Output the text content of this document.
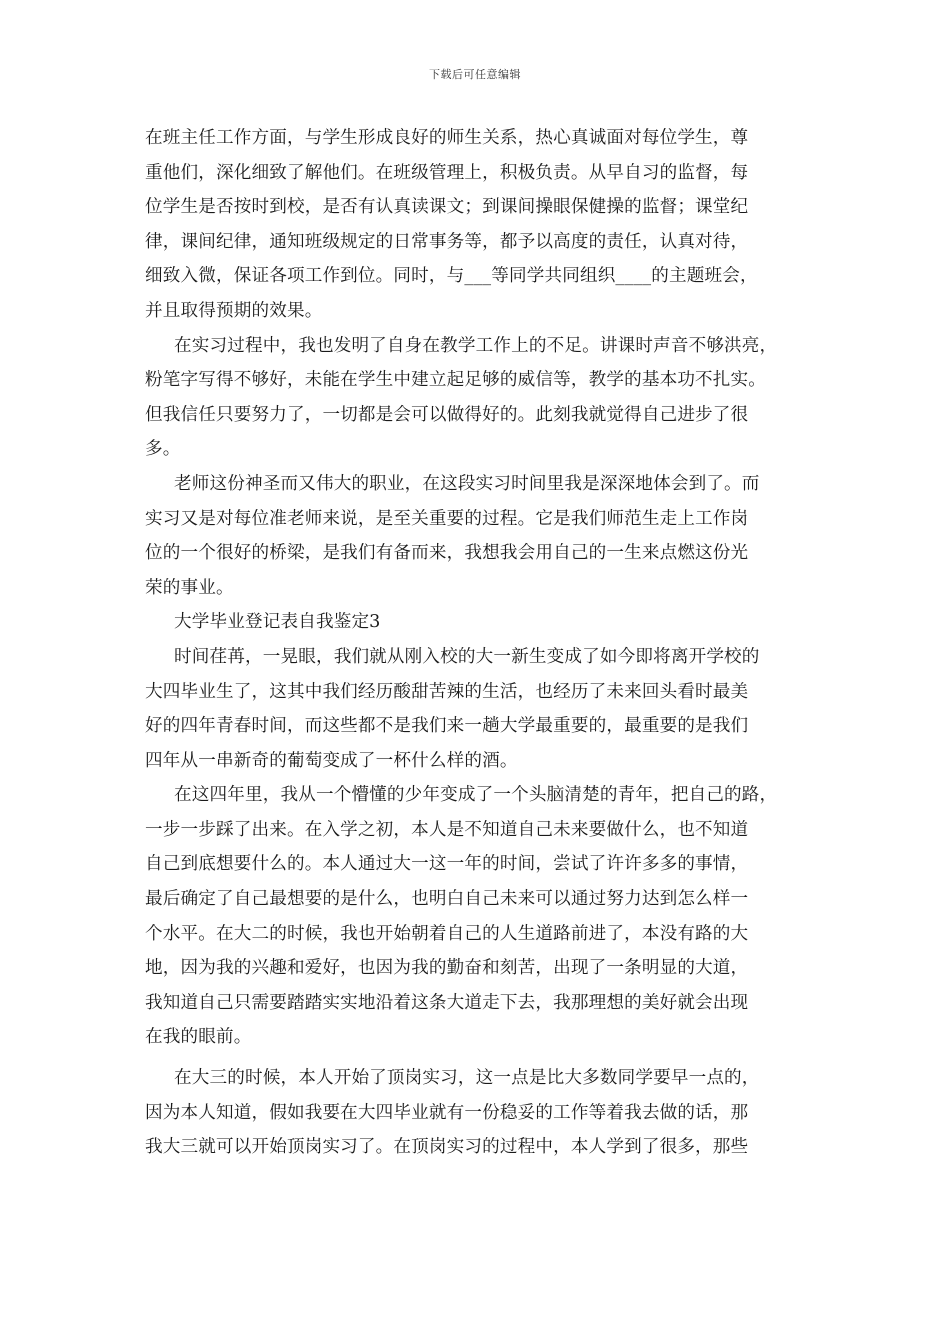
下载后可任意编辑
在班主任工作方面，与学生形成良好的师生关系，热心真诚面对每位学生，尊
重他们，深化细致了解他们。在班级管理上，积极负责。从早自习的监督，每
位学生是否按时到校，是否有认真读课文；到课间操眼保健操的监督；课堂纪
律，课间纪律，通知班级规定的日常事务等，都予以高度的责任，认真对待，
细致入微，保证各项工作到位。同时，与___等同学共同组织____的主题班会，
并且取得预期的效果。
在实习过程中，我也发明了自身在教学工作上的不足。讲课时声音不够洪亮，
粉笔字写得不够好，未能在学生中建立起足够的威信等，教学的基本功不扎实。
但我信任只要努力了，一切都是会可以做得好的。此刻我就觉得自己进步了很
多。
老师这份神圣而又伟大的职业，在这段实习时间里我是深深地体会到了。而
实习又是对每位准老师来说，是至关重要的过程。它是我们师范生走上工作岗
位的一个很好的桥梁，是我们有备而来，我想我会用自己的一生来点燃这份光
荣的事业。
大学毕业登记表自我鉴定3
时间荏苒，一晃眼，我们就从刚入校的大一新生变成了如今即将离开学校的
大四毕业生了，这其中我们经历酸甜苦辣的生活，也经历了未来回头看时最美
好的四年青春时间，而这些都不是我们来一趟大学最重要的，最重要的是我们
四年从一串新奇的葡萄变成了一杯什么样的酒。
在这四年里，我从一个懵懂的少年变成了一个头脑清楚的青年，把自己的路，
一步一步踩了出来。在入学之初，本人是不知道自己未来要做什么，也不知道
自己到底想要什么的。本人通过大一这一年的时间，尝试了许许多多的事情，
最后确定了自己最想要的是什么，也明白自己未来可以通过努力达到怎么样一
个水平。在大二的时候，我也开始朝着自己的人生道路前进了，本没有路的大
地，因为我的兴趣和爱好，也因为我的勤奋和刻苦，出现了一条明显的大道，
我知道自己只需要踏踏实实地沿着这条大道走下去，我那理想的美好就会出现
在我的眼前。
在大三的时候，本人开始了顶岗实习，这一点是比大多数同学要早一点的，
因为本人知道，假如我要在大四毕业就有一份稳妥的工作等着我去做的话，那
我大三就可以开始顶岗实习了。在顶岗实习的过程中，本人学到了很多，那些
